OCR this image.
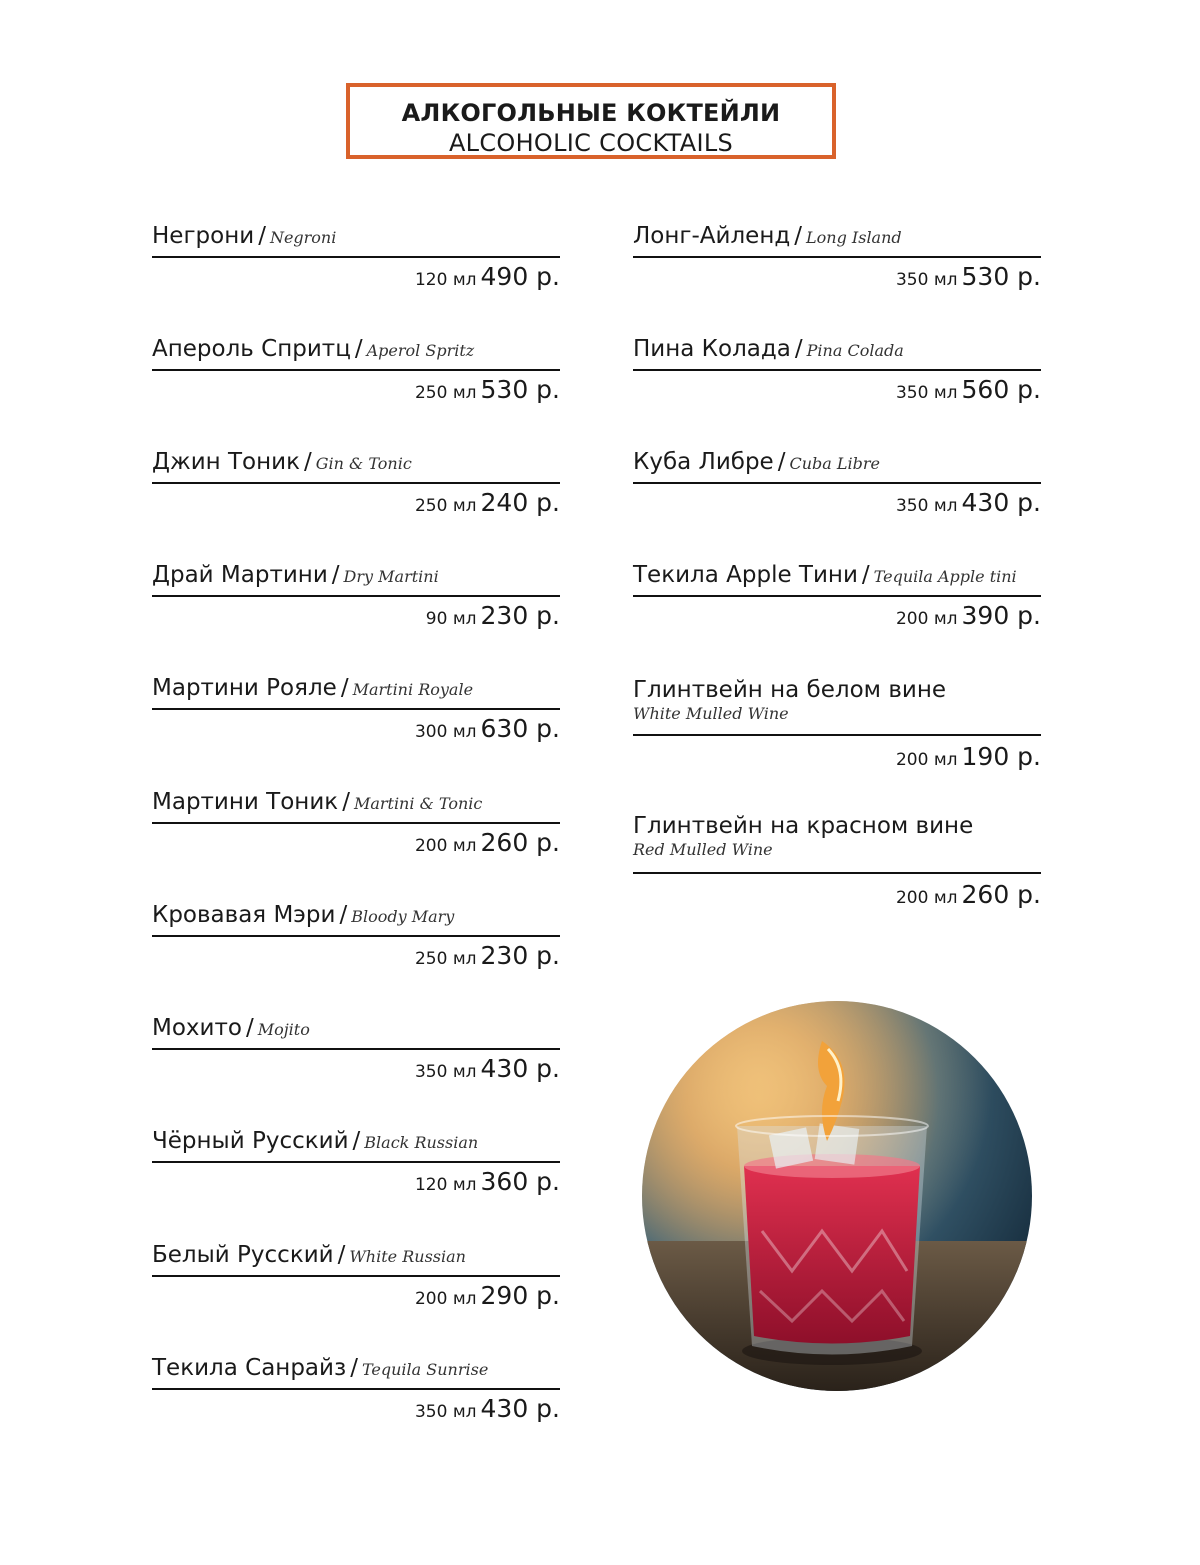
АЛКОГОЛЬНЫЕ КОКТЕЙЛИ
ALCOHOLIC COCKTAILS
Негрони / Negroni
120 мл 490 р.
Апероль Спритц / Aperol Spritz
250 мл 530 р.
Джин Тоник / Gin & Tonic
250 мл 240 р.
Драй Мартини / Dry Martini
90 мл 230 р.
Мартини Рояле / Martini Royale
300 мл 630 р.
Мартини Тоник / Martini & Tonic
200 мл 260 р.
Кровавая Мэри / Bloody Mary
250 мл 230 р.
Мохито / Mojito
350 мл 430 р.
Чёрный Русский / Black Russian
120 мл 360 р.
Белый Русский / White Russian
200 мл 290 р.
Текила Санрайз / Tequila Sunrise
350 мл 430 р.
Лонг-Айленд / Long Island
350 мл 530 р.
Пина Колада / Pina Colada
350 мл 560 р.
Куба Либре / Cuba Libre
350 мл 430 р.
Текила Apple Тини / Tequila Apple tini
200 мл 390 р.
Глинтвейн на белом вине
White Mulled Wine
200 мл 190 р.
Глинтвейн на красном вине
Red Mulled Wine
200 мл 260 р.
